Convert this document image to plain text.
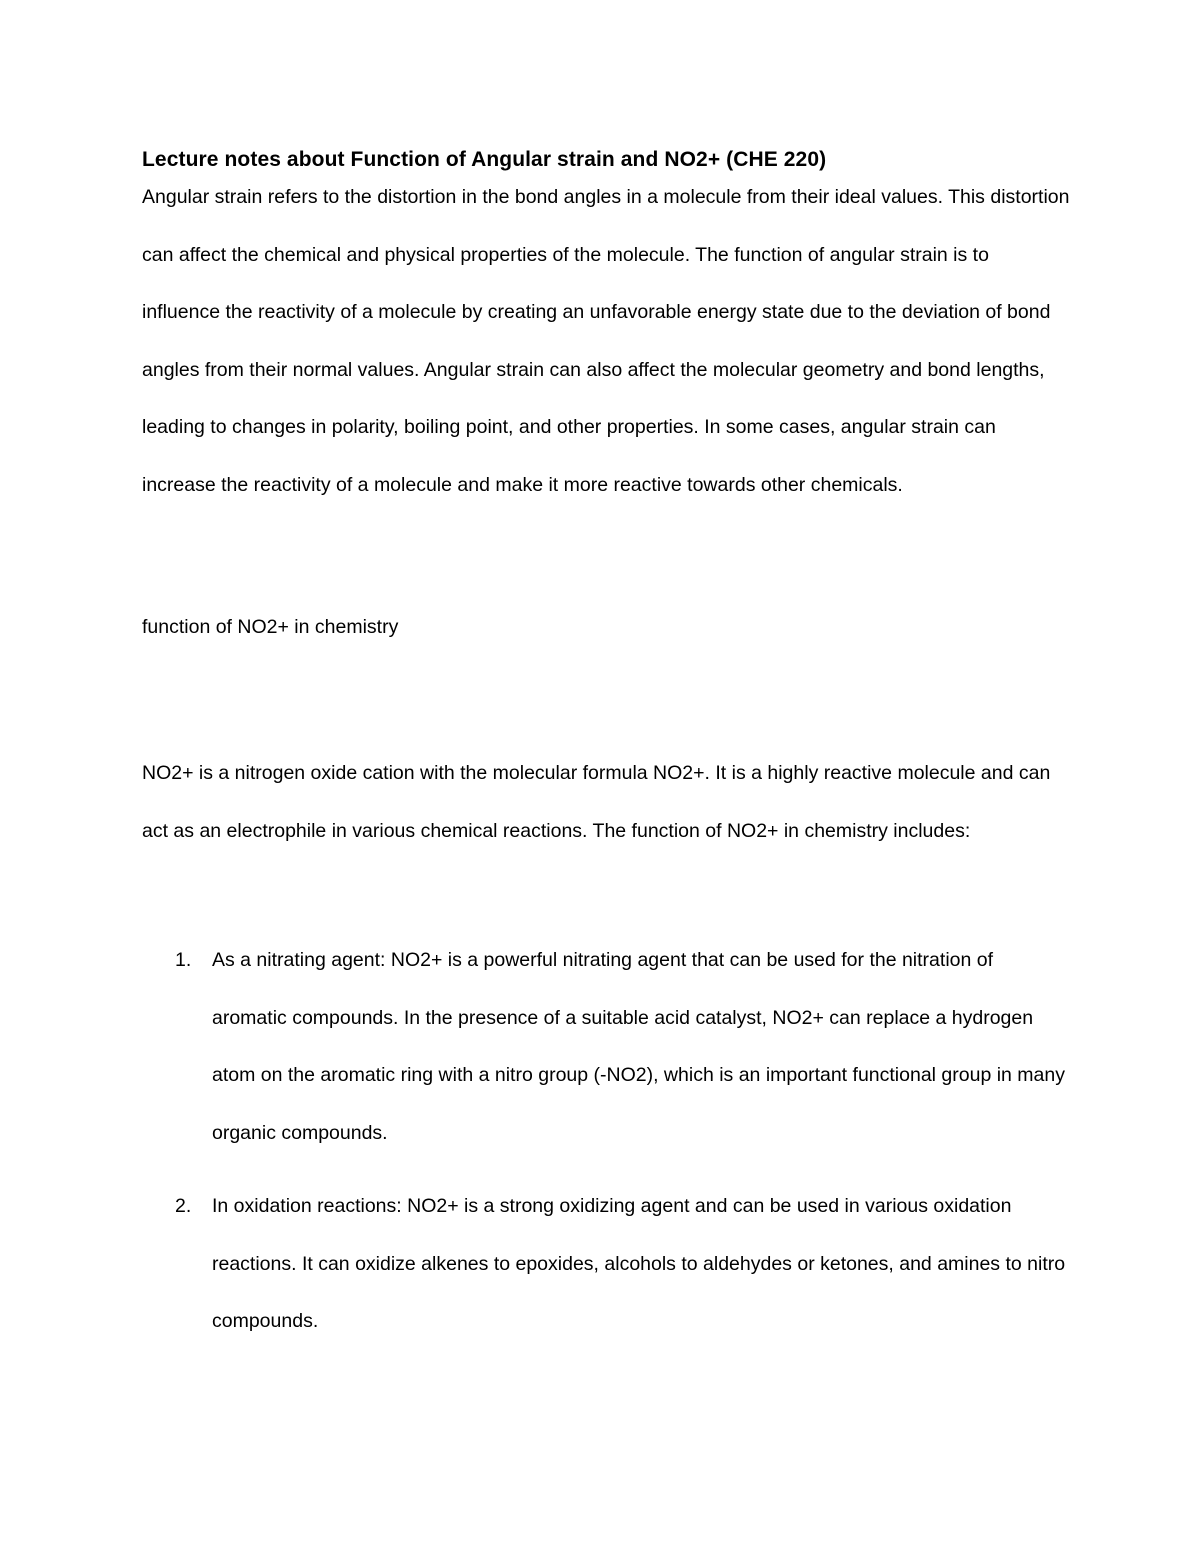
Lecture notes about Function of Angular strain and NO2+ (CHE 220)

Angular strain refers to the distortion in the bond angles in a molecule from their ideal values. This distortion can affect the chemical and physical properties of the molecule. The function of angular strain is to influence the reactivity of a molecule by creating an unfavorable energy state due to the deviation of bond angles from their normal values. Angular strain can also affect the molecular geometry and bond lengths, leading to changes in polarity, boiling point, and other properties. In some cases, angular strain can increase the reactivity of a molecule and make it more reactive towards other chemicals.

function of NO2+ in chemistry

NO2+ is a nitrogen oxide cation with the molecular formula NO2+. It is a highly reactive molecule and can act as an electrophile in various chemical reactions. The function of NO2+ in chemistry includes:

1.	As a nitrating agent: NO2+ is a powerful nitrating agent that can be used for the nitration of aromatic compounds. In the presence of a suitable acid catalyst, NO2+ can replace a hydrogen atom on the aromatic ring with a nitro group (-NO2), which is an important functional group in many organic compounds.
2.	In oxidation reactions: NO2+ is a strong oxidizing agent and can be used in various oxidation reactions. It can oxidize alkenes to epoxides, alcohols to aldehydes or ketones, and amines to nitro compounds.
